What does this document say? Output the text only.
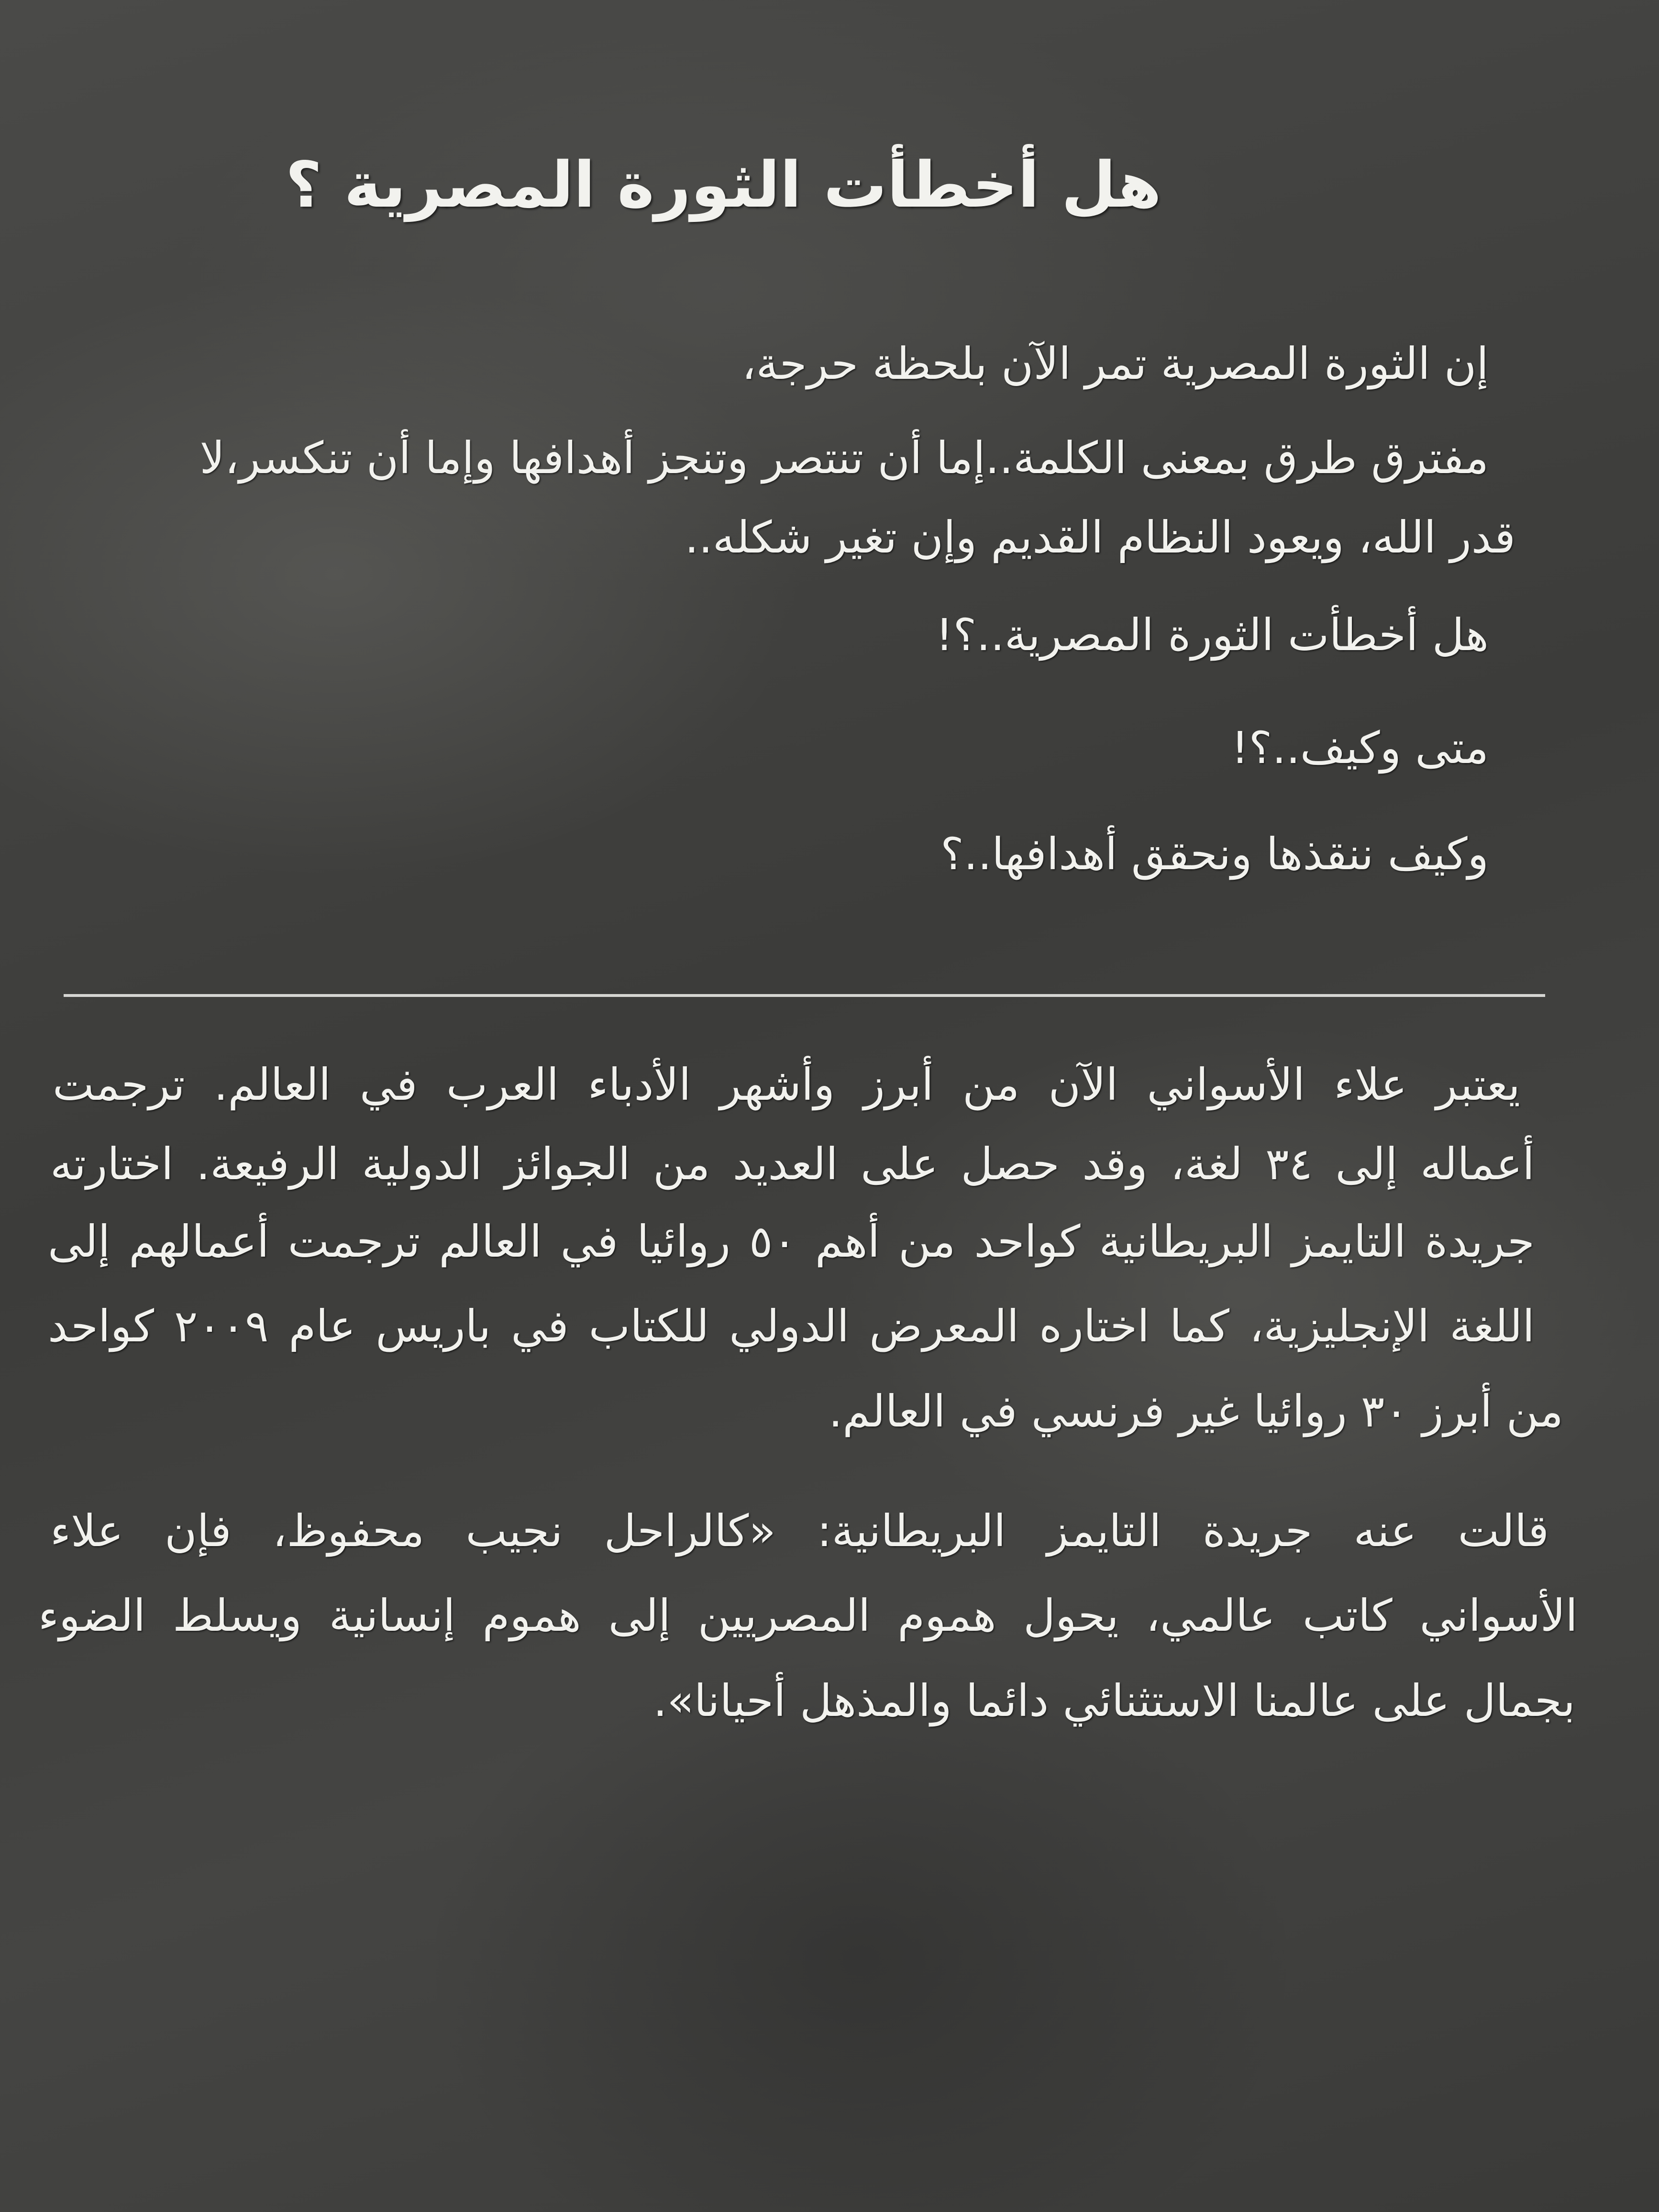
هل أخطأت الثورة المصرية ؟
إن الثورة المصرية تمر الآن بلحظة حرجة،
مفترق طرق بمعنى الكلمة..إما أن تنتصر وتنجز أهدافها وإما أن تنكسر،لا
قدر الله، ويعود النظام القديم وإن تغير شكله..
هل أخطأت الثورة المصرية..؟!
متى وكيف..؟!
وكيف ننقذها ونحقق أهدافها..؟
يعتبر علاء الأسواني الآن من أبرز وأشهر الأدباء العرب في العالم. ترجمت
أعماله إلى ٣٤ لغة، وقد حصل على العديد من الجوائز الدولية الرفيعة. اختارته
جريدة التايمز البريطانية كواحد من أهم ٥٠ روائيا في العالم ترجمت أعمالهم إلى
اللغة الإنجليزية، كما اختاره المعرض الدولي للكتاب في باريس عام ٢٠٠٩ كواحد
من أبرز ٣٠ روائيا غير فرنسي في العالم.
قالت عنه جريدة التايمز البريطانية: «كالراحل نجيب محفوظ، فإن علاء
الأسواني كاتب عالمي، يحول هموم المصريين إلى هموم إنسانية ويسلط الضوء
بجمال على عالمنا الاستثنائي دائما والمذهل أحيانا».
